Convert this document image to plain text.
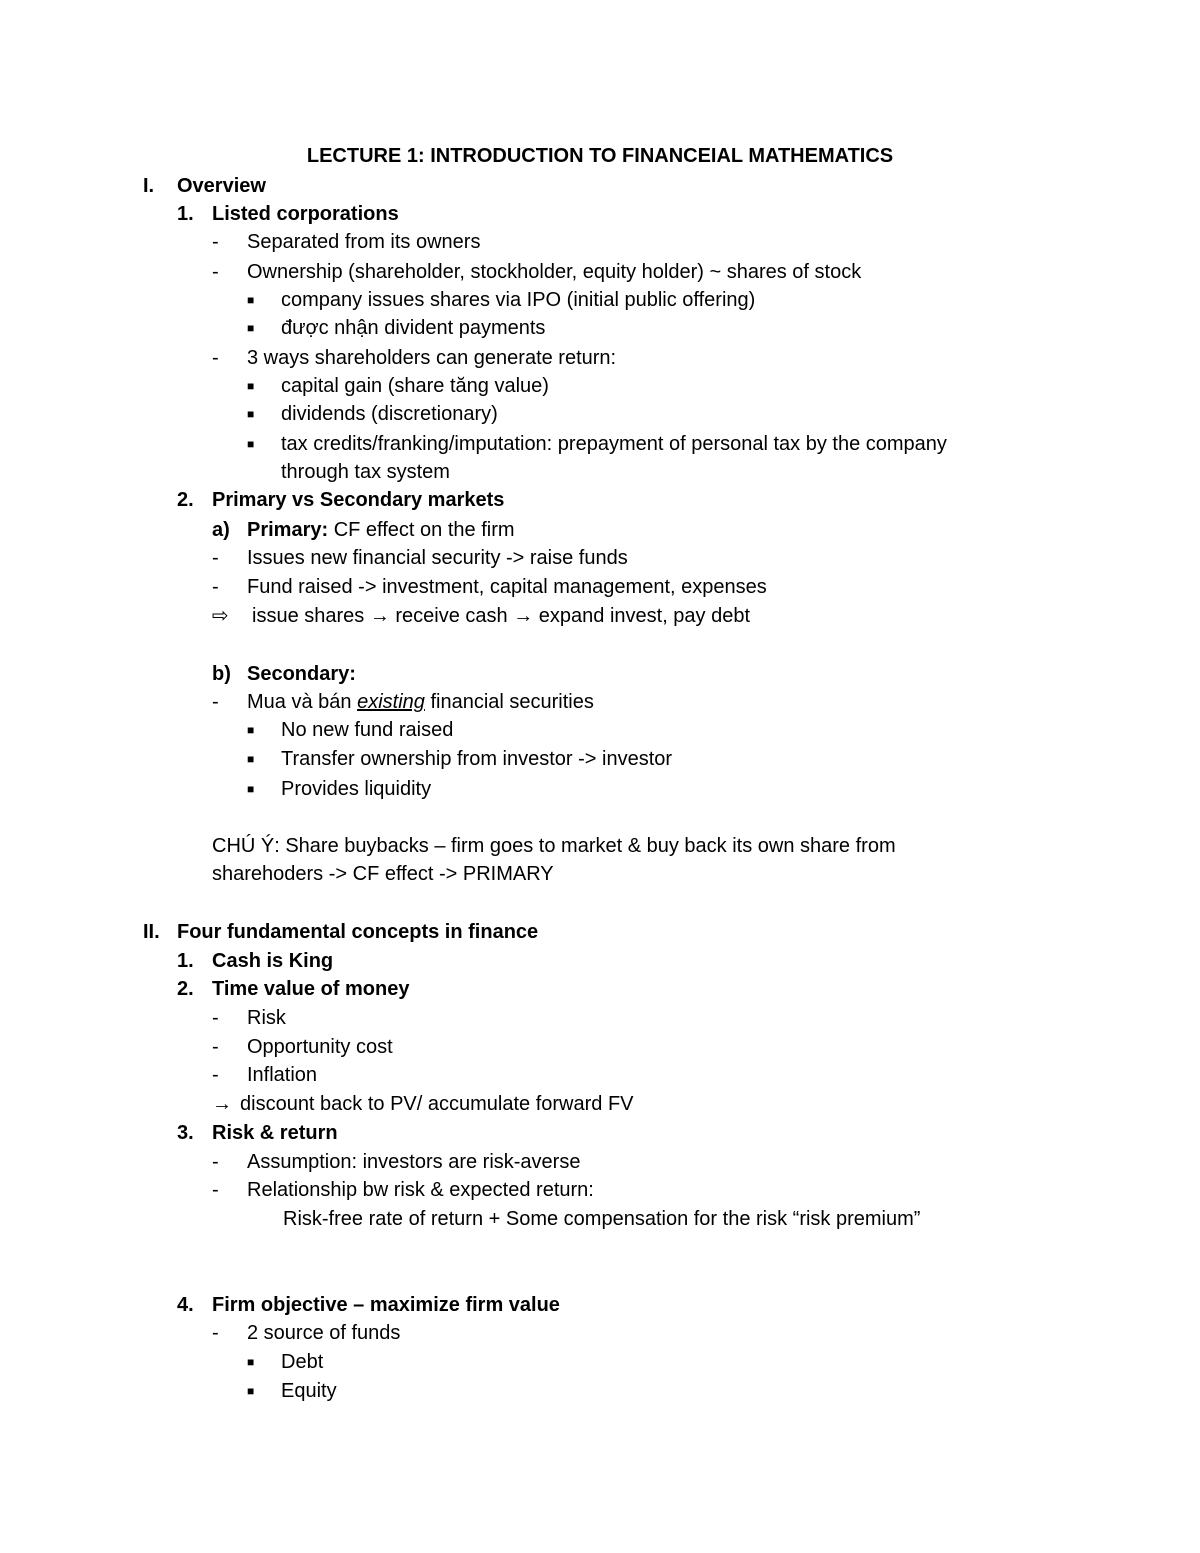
LECTURE 1: INTRODUCTION TO FINANCEIAL MATHEMATICS
I. Overview
1. Listed corporations
- Separated from its owners
- Ownership (shareholder, stockholder, equity holder) ~ shares of stock
■ company issues shares via IPO (initial public offering)
■ được nhận divident payments
- 3 ways shareholders can generate return:
■ capital gain (share tăng value)
■ dividends (discretionary)
■ tax credits/franking/imputation: prepayment of personal tax by the company
through tax system
2. Primary vs Secondary markets
a) Primary: CF effect on the firm
- Issues new financial security -> raise funds
- Fund raised -> investment, capital management, expenses
⇨ issue shares → receive cash → expand invest, pay debt
b) Secondary:
- Mua và bán existing financial securities
■ No new fund raised
■ Transfer ownership from investor -> investor
■ Provides liquidity
CHÚ Ý: Share buybacks – firm goes to market & buy back its own share from
sharehoders -> CF effect -> PRIMARY
II. Four fundamental concepts in finance
1. Cash is King
2. Time value of money
- Risk
- Opportunity cost
- Inflation
→ discount back to PV/ accumulate forward FV
3. Risk & return
- Assumption: investors are risk-averse
- Relationship bw risk & expected return:
Risk-free rate of return + Some compensation for the risk “risk premium”
4. Firm objective – maximize firm value
- 2 source of funds
■ Debt
■ Equity
